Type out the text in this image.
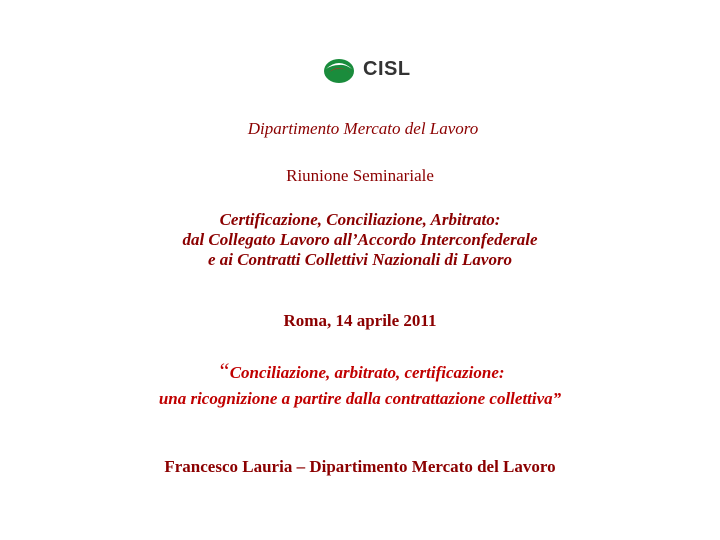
CISL
Dipartimento Mercato del Lavoro
Riunione Seminariale
Certificazione, Conciliazione, Arbitrato:
dal Collegato Lavoro all’Accordo Interconfederale
e ai Contratti Collettivi Nazionali di Lavoro
Roma, 14 aprile 2011
“Conciliazione, arbitrato, certificazione:
una ricognizione a partire dalla contrattazione collettiva”
Francesco Lauria – Dipartimento Mercato del Lavoro
